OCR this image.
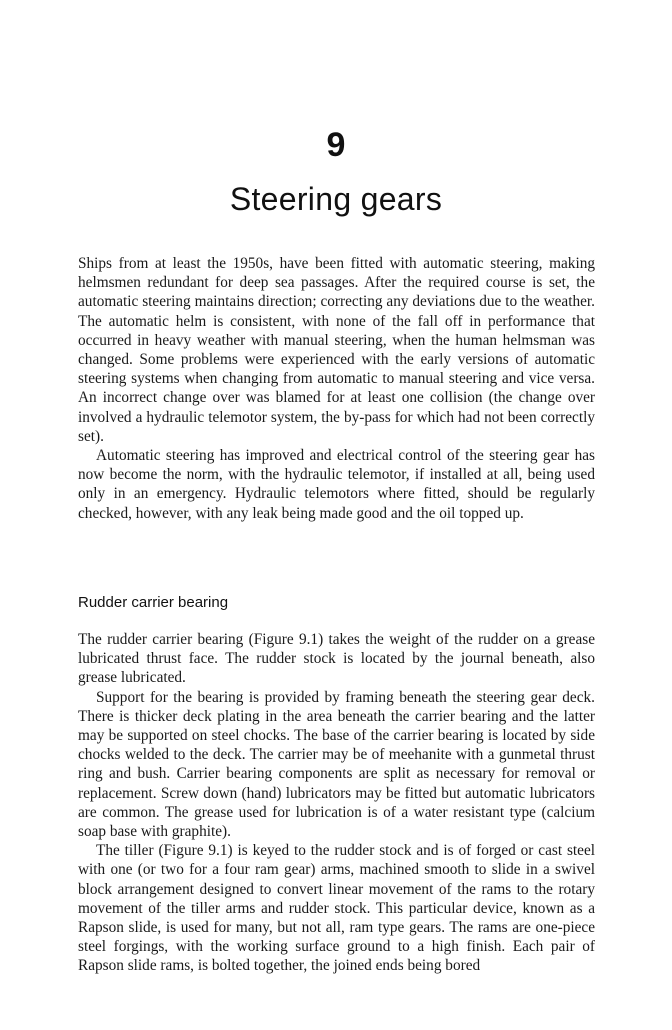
9
Steering gears

Ships from at least the 1950s, have been fitted with automatic steering, making helmsmen redundant for deep sea passages. After the required course is set, the automatic steering maintains direction; correcting any deviations due to the weather. The automatic helm is consistent, with none of the fall off in performance that occurred in heavy weather with manual steering, when the human helmsman was changed. Some problems were experienced with the early versions of automatic steering systems when changing from automatic to manual steering and vice versa. An incorrect change over was blamed for at least one collision (the change over involved a hydraulic telemotor system, the by-pass for which had not been correctly set).

Automatic steering has improved and electrical control of the steering gear has now become the norm, with the hydraulic telemotor, if installed at all, being used only in an emergency. Hydraulic telemotors where fitted, should be regularly checked, however, with any leak being made good and the oil topped up.

Rudder carrier bearing

The rudder carrier bearing (Figure 9.1) takes the weight of the rudder on a grease lubricated thrust face. The rudder stock is located by the journal beneath, also grease lubricated.

Support for the bearing is provided by framing beneath the steering gear deck. There is thicker deck plating in the area beneath the carrier bearing and the latter may be supported on steel chocks. The base of the carrier bearing is located by side chocks welded to the deck. The carrier may be of meehanite with a gunmetal thrust ring and bush. Carrier bearing components are split as necessary for removal or replacement. Screw down (hand) lubricators may be fitted but automatic lubricators are common. The grease used for lubrication is of a water resistant type (calcium soap base with graphite).

The tiller (Figure 9.1) is keyed to the rudder stock and is of forged or cast steel with one (or two for a four ram gear) arms, machined smooth to slide in a swivel block arrangement designed to convert linear movement of the rams to the rotary movement of the tiller arms and rudder stock. This particular device, known as a Rapson slide, is used for many, but not all, ram type gears. The rams are one-piece steel forgings, with the working surface ground to a high finish. Each pair of Rapson slide rams, is bolted together, the joined ends being bored
